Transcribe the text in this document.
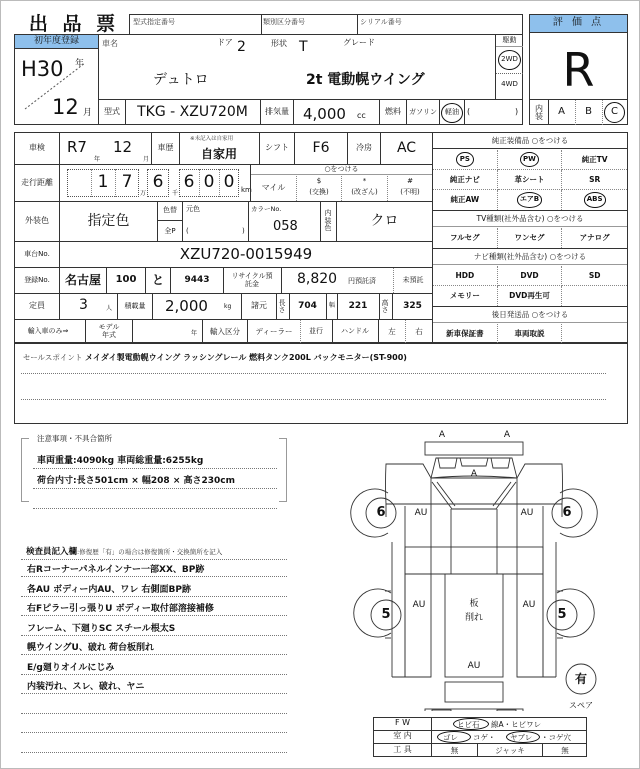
出 品 票 型式指定番号	類別区分番号	シリアル番号
初年度登録
H30 年
12 月
車名	ドア 2	形状 T	グレード
デュトロ	2t 電動幌ウイング
駆動
2WD
4WD
型式	TKG - XZU720M	排気量 4,000 cc	燃料	ガソリン	軽油	(	)
評 価 点
R
内装	A	B	C
車検	R7
年
12
月
車歴
※未記入は自家用
自家用	シフト	F6	冷房	AC
走行距離	1 7
万
6
千
6 0 0 km
○をつける
マイル
$
(交換)
*
(改ざん)
#
(不明)
外装色	指定色
色替
全P
元色
(	)
カラーNo.
058
内装色	クロ
車台No.	XZU720-0015949
登録No.	名古屋	100	と	9443	リサイクル預託金	8,820 円預託済	未預託
定員	3	人	積載量	2,000	kg	諸元	長さ	704	幅	221	高さ	325
輸入車のみ⇒	モデル年式	年	輸入区分	ディーラー	並行	ハンドル	左	右
純正装備品 ○をつける
PS	PW	純正TV
純正ナビ	革シート	SR
純正AW	エアB	ABS
TV種類(社外品含む) ○をつける
フルセグ	ワンセグ	アナログ
ナビ種類(社外品含む) ○をつける
HDD	DVD	SD
メモリー	DVD再生可
後日発送品 ○をつける
新車保証書	車両取説
セールスポイント メイダイ製電動幌ウイング ラッシングレール 燃料タンク200L バックモニター(ST-900)
注意事項・不具合箇所
車両重量:4090kg 車両総重量:6255kg
荷台内寸:長さ501cm × 幅208 × 高さ230cm
検査員記入欄:修復歴「有」の場合は修復箇所・交換箇所を記入
A	A
A
6	6
AU	AU
5	5
AU	AU
板
削れ
AU
有
スペア
F W
室 内
工 具
ヒビ石 線A・ヒビワレ
ゴレ コゲ・ ヤブレ ・コゲ穴
無	ジャッキ	無
右Rコーナーパネルインナー一部XX、BP跡
各AU ボディー内AU、ワレ 右側面BP跡
右Fピラー引っ張りU ボディー取付部溶接補修
フレーム、下廻りSC スチール根太S
幌ウイングU、破れ 荷台板削れ
E/g廻りオイルにじみ
内装汚れ、スレ、破れ、ヤニ
